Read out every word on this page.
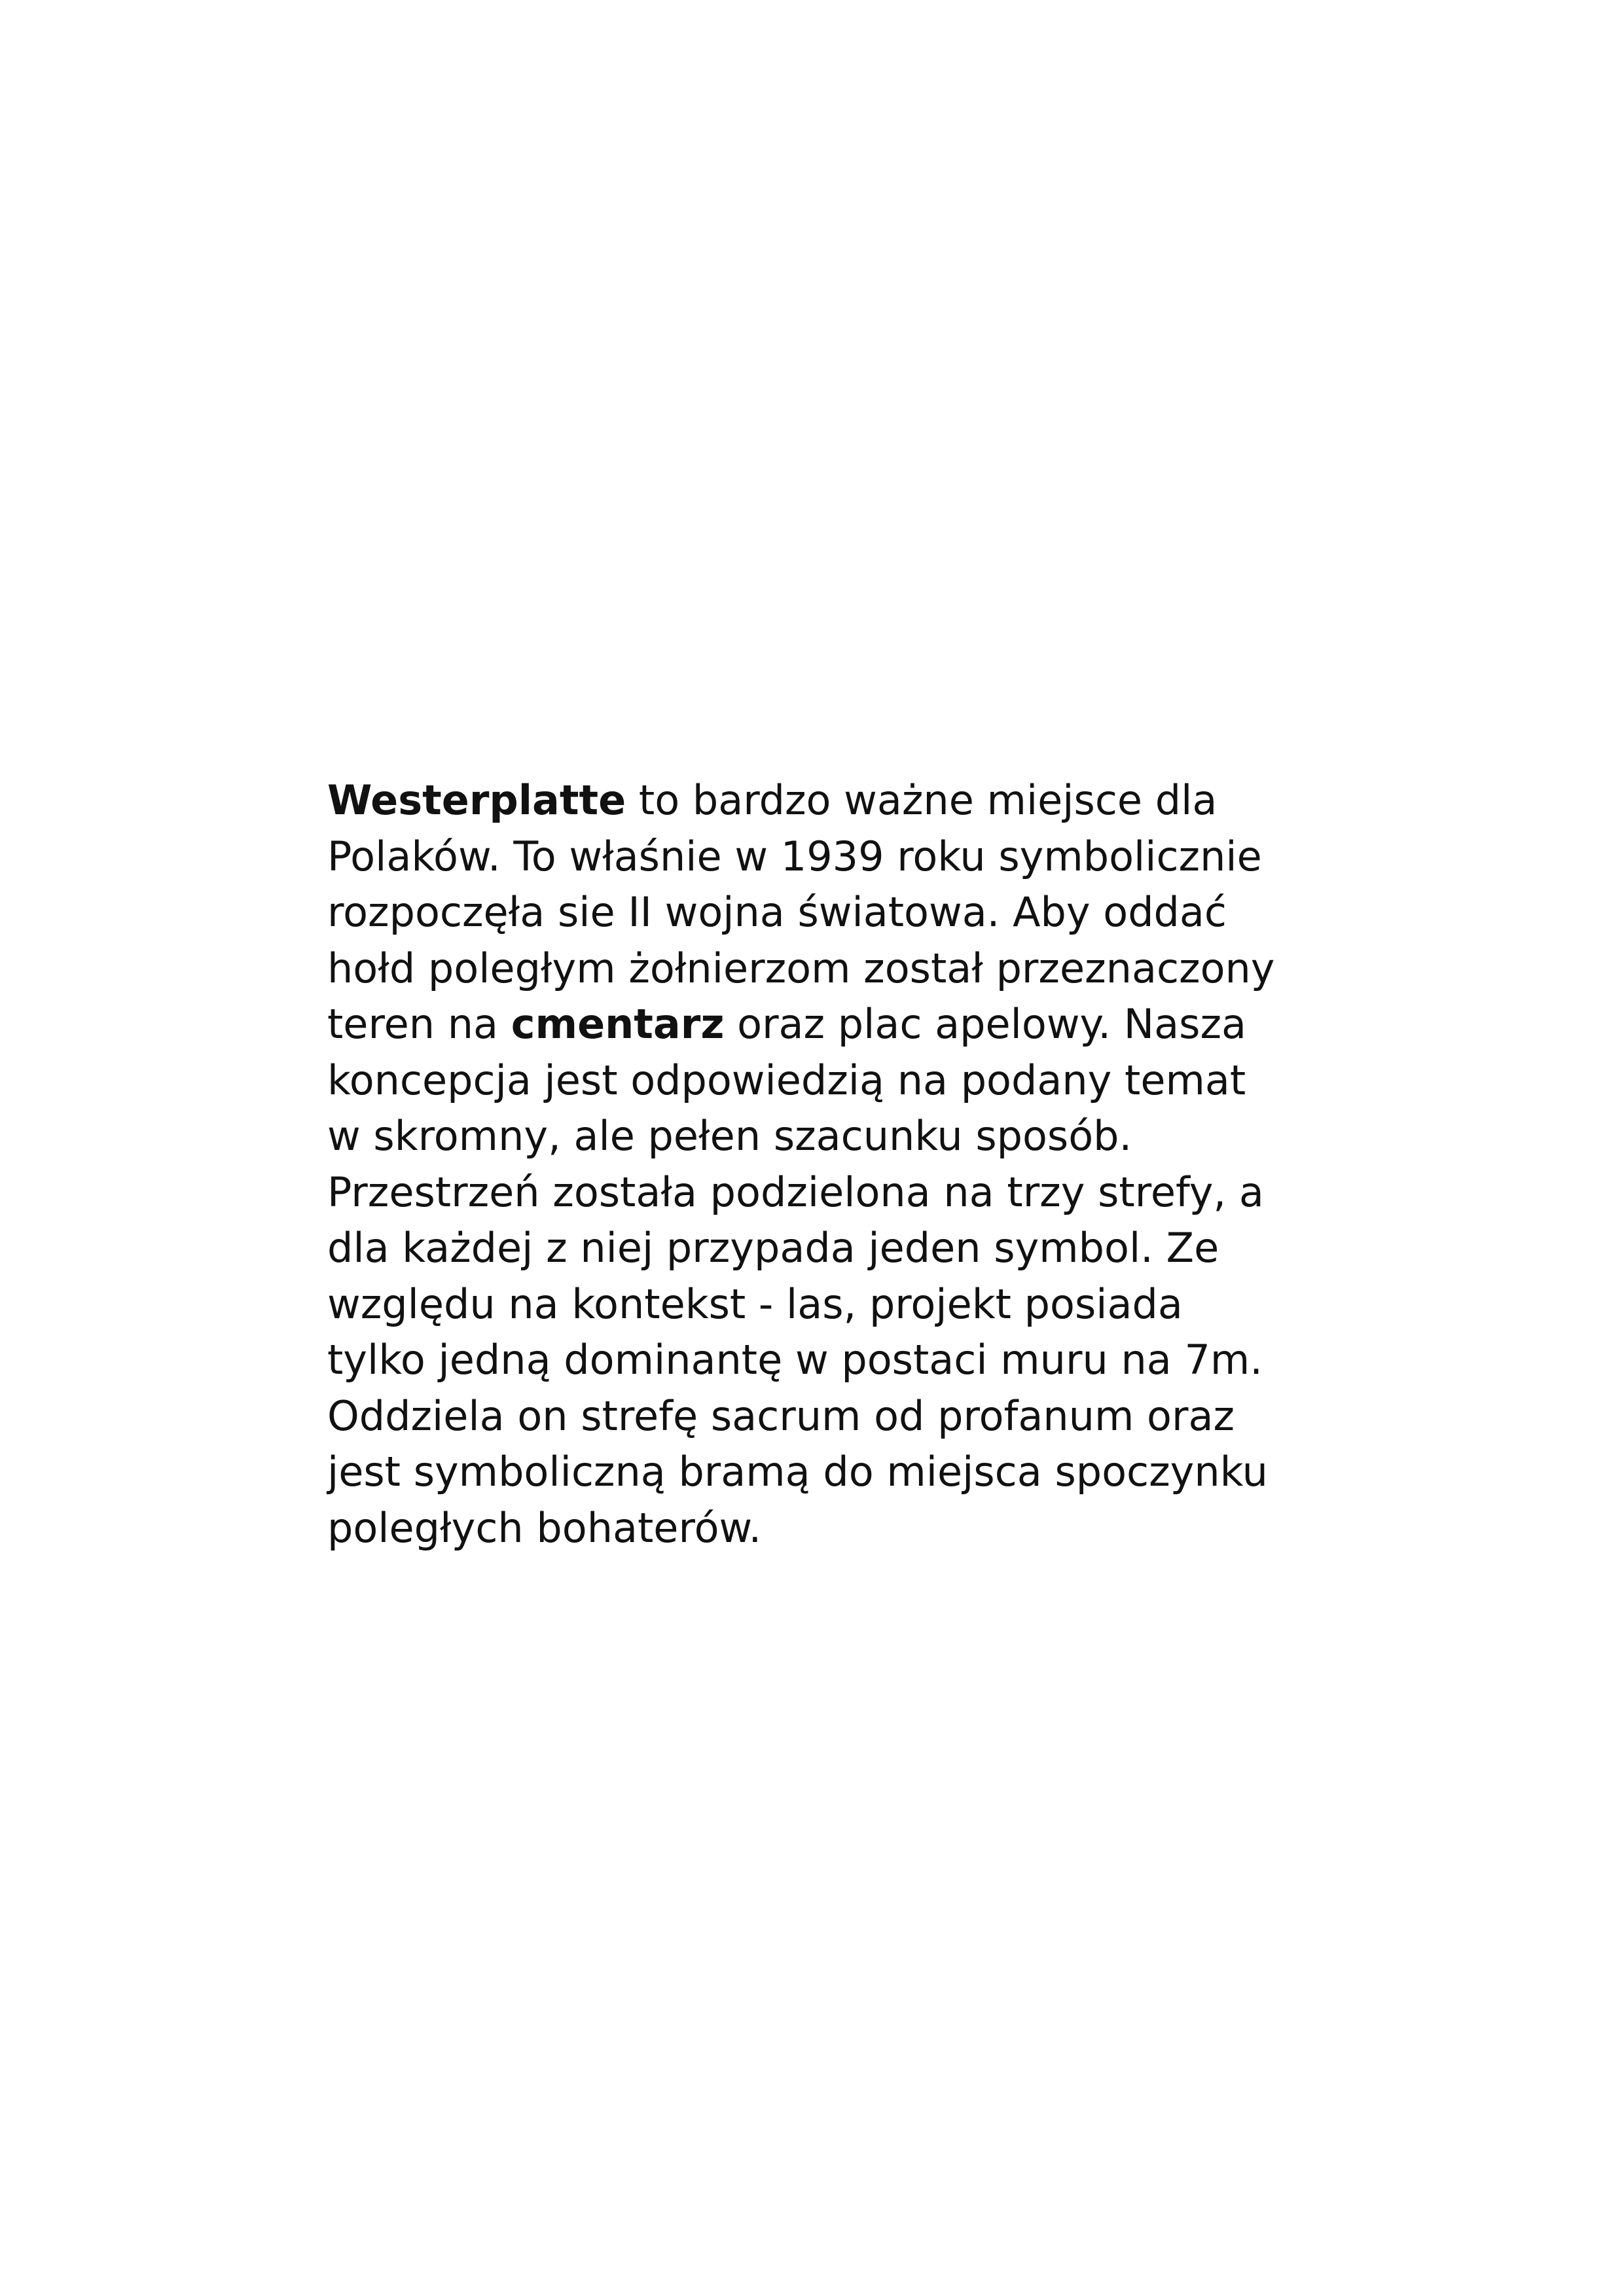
Westerplatte to bardzo ważne miejsce dla
Polaków. To właśnie w 1939 roku symbolicznie
rozpoczęła sie II wojna światowa. Aby oddać
hołd poległym żołnierzom został przeznaczony
teren na cmentarz oraz plac apelowy. Nasza
koncepcja jest odpowiedzią na podany temat
w skromny, ale pełen szacunku sposób.
Przestrzeń została podzielona na trzy strefy, a
dla każdej z niej przypada jeden symbol. Ze
względu na kontekst - las, projekt posiada
tylko jedną dominantę w postaci muru na 7m.
Oddziela on strefę sacrum od profanum oraz
jest symboliczną bramą do miejsca spoczynku
poległych bohaterów.
